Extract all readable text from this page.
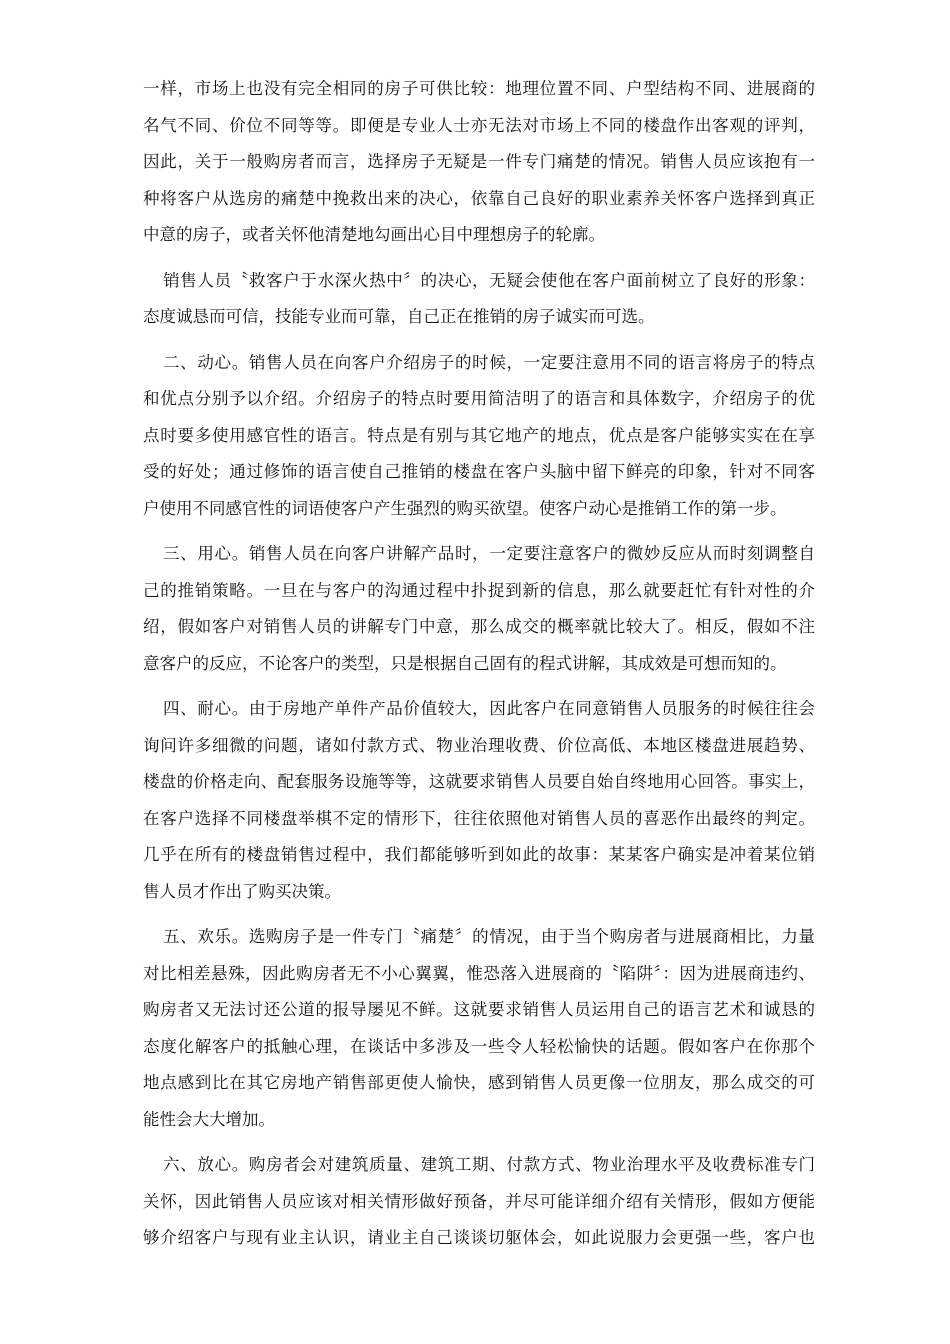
一样，市场上也没有完全相同的房子可供比较：地理位置不同、户型结构不同、进展商的
名气不同、价位不同等等。即便是专业人士亦无法对市场上不同的楼盘作出客观的评判，
因此，关于一般购房者而言，选择房子无疑是一件专门痛楚的情况。销售人员应该抱有一
种将客户从选房的痛楚中挽救出来的决心，依靠自己良好的职业素养关怀客户选择到真正
中意的房子，或者关怀他清楚地勾画出心目中理想房子的轮廓。

销售人员〝救客户于水深火热中〞的决心，无疑会使他在客户面前树立了良好的形象：
态度诚恳而可信，技能专业而可靠，自己正在推销的房子诚实而可选。

二、动心。销售人员在向客户介绍房子的时候，一定要注意用不同的语言将房子的特点
和优点分别予以介绍。介绍房子的特点时要用简洁明了的语言和具体数字，介绍房子的优
点时要多使用感官性的语言。特点是有别与其它地产的地点，优点是客户能够实实在在享
受的好处；通过修饰的语言使自己推销的楼盘在客户头脑中留下鲜亮的印象，针对不同客
户使用不同感官性的词语使客户产生强烈的购买欲望。使客户动心是推销工作的第一步。

三、用心。销售人员在向客户讲解产品时，一定要注意客户的微妙反应从而时刻调整自
己的推销策略。一旦在与客户的沟通过程中扑捉到新的信息，那么就要赶忙有针对性的介
绍，假如客户对销售人员的讲解专门中意，那么成交的概率就比较大了。相反，假如不注
意客户的反应，不论客户的类型，只是根据自己固有的程式讲解，其成效是可想而知的。

四、耐心。由于房地产单件产品价值较大，因此客户在同意销售人员服务的时候往往会
询问许多细微的问题，诸如付款方式、物业治理收费、价位高低、本地区楼盘进展趋势、
楼盘的价格走向、配套服务设施等等，这就要求销售人员要自始自终地用心回答。事实上，
在客户选择不同楼盘举棋不定的情形下，往往依照他对销售人员的喜恶作出最终的判定。
几乎在所有的楼盘销售过程中，我们都能够听到如此的故事：某某客户确实是冲着某位销
售人员才作出了购买决策。

五、欢乐。选购房子是一件专门〝痛楚〞的情况，由于当个购房者与进展商相比，力量
对比相差悬殊，因此购房者无不小心翼翼，惟恐落入进展商的〝陷阱〞：因为进展商违约、
购房者又无法讨还公道的报导屡见不鲜。这就要求销售人员运用自己的语言艺术和诚恳的
态度化解客户的抵触心理，在谈话中多涉及一些令人轻松愉快的话题。假如客户在你那个
地点感到比在其它房地产销售部更使人愉快，感到销售人员更像一位朋友，那么成交的可
能性会大大增加。

六、放心。购房者会对建筑质量、建筑工期、付款方式、物业治理水平及收费标准专门
关怀，因此销售人员应该对相关情形做好预备，并尽可能详细介绍有关情形，假如方便能
够介绍客户与现有业主认识，请业主自己谈谈切躯体会，如此说服力会更强一些，客户也
